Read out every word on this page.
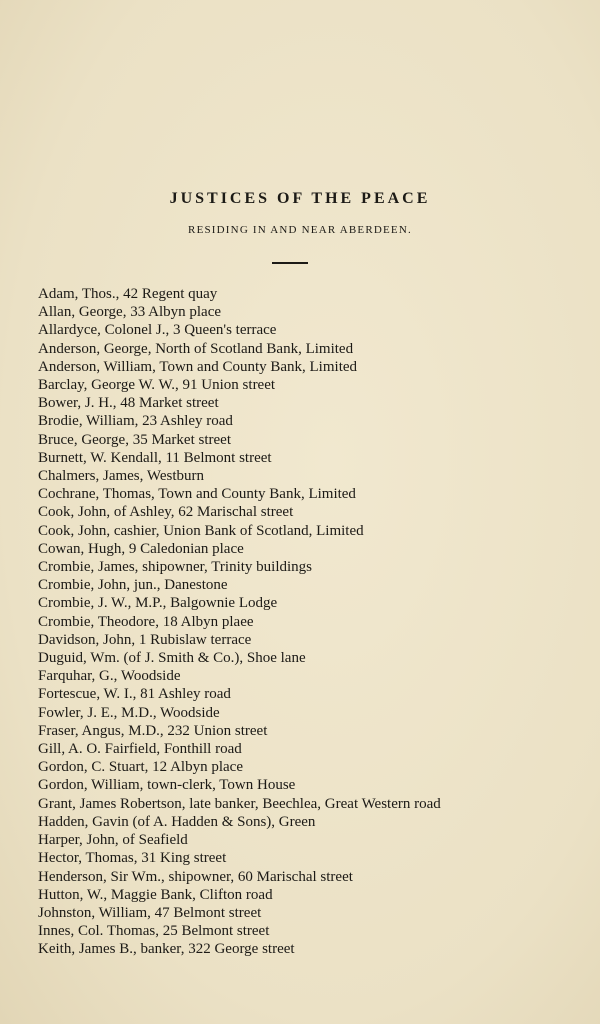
JUSTICES OF THE PEACE
RESIDING IN AND NEAR ABERDEEN.
Adam, Thos., 42 Regent quay
Allan, George, 33 Albyn place
Allardyce, Colonel J., 3 Queen's terrace
Anderson, George, North of Scotland Bank, Limited
Anderson, William, Town and County Bank, Limited
Barclay, George W. W., 91 Union street
Bower, J. H., 48 Market street
Brodie, William, 23 Ashley road
Bruce, George, 35 Market street
Burnett, W. Kendall, 11 Belmont street
Chalmers, James, Westburn
Cochrane, Thomas, Town and County Bank, Limited
Cook, John, of Ashley, 62 Marischal street
Cook, John, cashier, Union Bank of Scotland, Limited
Cowan, Hugh, 9 Caledonian place
Crombie, James, shipowner, Trinity buildings
Crombie, John, jun., Danestone
Crombie, J. W., M.P., Balgownie Lodge
Crombie, Theodore, 18 Albyn plaee
Davidson, John, 1 Rubislaw terrace
Duguid, Wm. (of J. Smith & Co.), Shoe lane
Farquhar, G., Woodside
Fortescue, W. I., 81 Ashley road
Fowler, J. E., M.D., Woodside
Fraser, Angus, M.D., 232 Union street
Gill, A. O. Fairfield, Fonthill road
Gordon, C. Stuart, 12 Albyn place
Gordon, William, town-clerk, Town House
Grant, James Robertson, late banker, Beechlea, Great Western road
Hadden, Gavin (of A. Hadden & Sons), Green
Harper, John, of Seafield
Hector, Thomas, 31 King street
Henderson, Sir Wm., shipowner, 60 Marischal street
Hutton, W., Maggie Bank, Clifton road
Johnston, William, 47 Belmont street
Innes, Col. Thomas, 25 Belmont street
Keith, James B., banker, 322 George street
